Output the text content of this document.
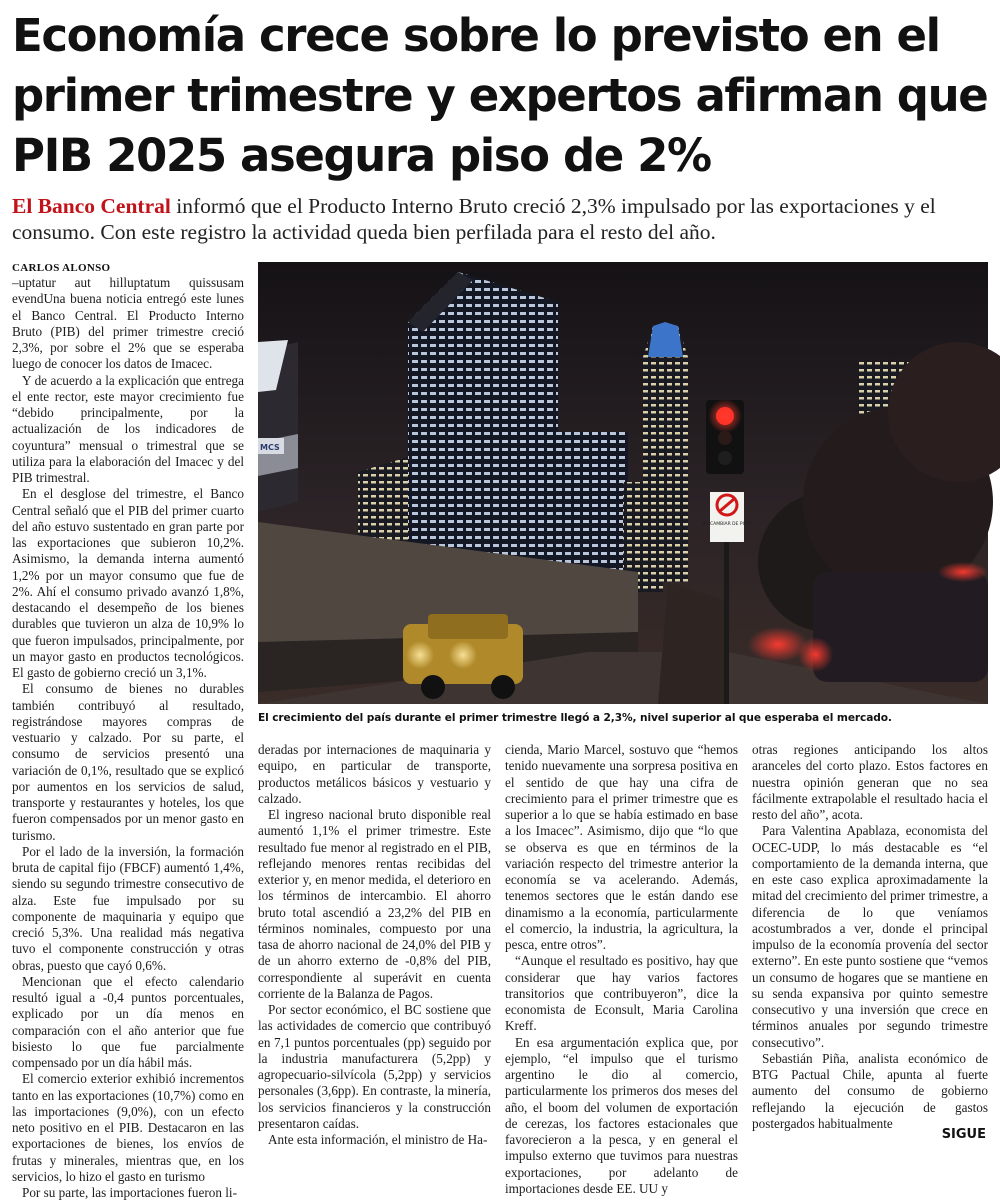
Economía crece sobre lo previsto en el primer trimestre y expertos afirman que PIB 2025 asegura piso de 2%

El Banco Central informó que el Producto Interno Bruto creció 2,3% impulsado por las exportaciones y el consumo. Con este registro la actividad queda bien perfilada para el resto del año.

CARLOS ALONSO

–uptatur aut hilluptatum quissusam evendUna buena noticia entregó este lunes el Banco Central. El Producto Interno Bruto (PIB) del primer trimestre creció 2,3%, por sobre el 2% que se esperaba luego de conocer los datos de Imacec.

Y de acuerdo a la explicación que entrega el ente rector, este mayor crecimiento fue “debido principalmente, por la actualización de los indicadores de coyuntura” mensual o trimestral que se utiliza para la elaboración del Imacec y del PIB trimestral.

En el desglose del trimestre, el Banco Central señaló que el PIB del primer cuarto del año estuvo sustentado en gran parte por las exportaciones que subieron 10,2%. Asimismo, la demanda interna aumentó 1,2% por un mayor consumo que fue de 2%. Ahí el consumo privado avanzó 1,8%, destacando el desempeño de los bienes durables que tuvieron un alza de 10,9% lo que fueron impulsados, principalmente, por un mayor gasto en productos tecnológicos. El gasto de gobierno creció un 3,1%.

El consumo de bienes no durables también contribuyó al resultado, registrándose mayores compras de vestuario y calzado. Por su parte, el consumo de servicios presentó una variación de 0,1%, resultado que se explicó por aumentos en los servicios de salud, transporte y restaurantes y hoteles, los que fueron compensados por un menor gasto en turismo.

Por el lado de la inversión, la formación bruta de capital fijo (FBCF) aumentó 1,4%, siendo su segundo trimestre consecutivo de alza. Este fue impulsado por su componente de maquinaria y equipo que creció 5,3%. Una realidad más negativa tuvo el componente construcción y otras obras, puesto que cayó 0,6%.

Mencionan que el efecto calendario resultó igual a -0,4 puntos porcentuales, explicado por un día menos en comparación con el año anterior que fue bisiesto lo que fue parcialmente compensado por un día hábil más.

El comercio exterior exhibió incrementos tanto en las exportaciones (10,7%) como en las importaciones (9,0%), con un efecto neto positivo en el PIB. Destacaron en las exportaciones de bienes, los envíos de frutas y minerales, mientras que, en los servicios, lo hizo el gasto en turismo

Por su parte, las importaciones fueron li-

NO CAMBIAR DE PISTA
MCS

El crecimiento del país durante el primer trimestre llegó a 2,3%, nivel superior al que esperaba el mercado.

deradas por internaciones de maquinaria y equipo, en particular de transporte, productos metálicos básicos y vestuario y calzado.

El ingreso nacional bruto disponible real aumentó 1,1% el primer trimestre. Este resultado fue menor al registrado en el PIB, reflejando menores rentas recibidas del exterior y, en menor medida, el deterioro en los términos de intercambio. El ahorro bruto total ascendió a 23,2% del PIB en términos nominales, compuesto por una tasa de ahorro nacional de 24,0% del PIB y de un ahorro externo de -0,8% del PIB, correspondiente al superávit en cuenta corriente de la Balanza de Pagos.

Por sector económico, el BC sostiene que las actividades de comercio que contribuyó en 7,1 puntos porcentuales (pp) seguido por la industria manufacturera (5,2pp) y agropecuario-silvícola (5,2pp) y servicios personales (3,6pp). En contraste, la minería, los servicios financieros y la construcción presentaron caídas.

Ante esta información, el ministro de Ha-

cienda, Mario Marcel, sostuvo que “hemos tenido nuevamente una sorpresa positiva en el sentido de que hay una cifra de crecimiento para el primer trimestre que es superior a lo que se había estimado en base a los Imacec”. Asimismo, dijo que “lo que se observa es que en términos de la variación respecto del trimestre anterior la economía se va acelerando. Además, tenemos sectores que le están dando ese dinamismo a la economía, particularmente el comercio, la industria, la agricultura, la pesca, entre otros”.

“Aunque el resultado es positivo, hay que considerar que hay varios factores transitorios que contribuyeron”, dice la economista de Econsult, Maria Carolina Kreff.

En esa argumentación explica que, por ejemplo, “el impulso que el turismo argentino le dio al comercio, particularmente los primeros dos meses del año, el boom del volumen de exportación de cerezas, los factores estacionales que favorecieron a la pesca, y en general el impulso externo que tuvimos para nuestras exportaciones, por adelanto de importaciones desde EE. UU y

otras regiones anticipando los altos aranceles del corto plazo. Estos factores en nuestra opinión generan que no sea fácilmente extrapolable el resultado hacia el resto del año”, acota.

Para Valentina Apablaza, economista del OCEC-UDP, lo más destacable es “el comportamiento de la demanda interna, que en este caso explica aproximadamente la mitad del crecimiento del primer trimestre, a diferencia de lo que veníamos acostumbrados a ver, donde el principal impulso de la economía provenía del sector externo”. En este punto sostiene que “vemos un consumo de hogares que se mantiene en su senda expansiva por quinto semestre consecutivo y una inversión que crece en términos anuales por segundo trimestre consecutivo”.

Sebastián Piña, analista económico de BTG Pactual Chile, apunta al fuerte aumento del consumo de gobierno reflejando la ejecución de gastos postergados habitualmente

SIGUE
